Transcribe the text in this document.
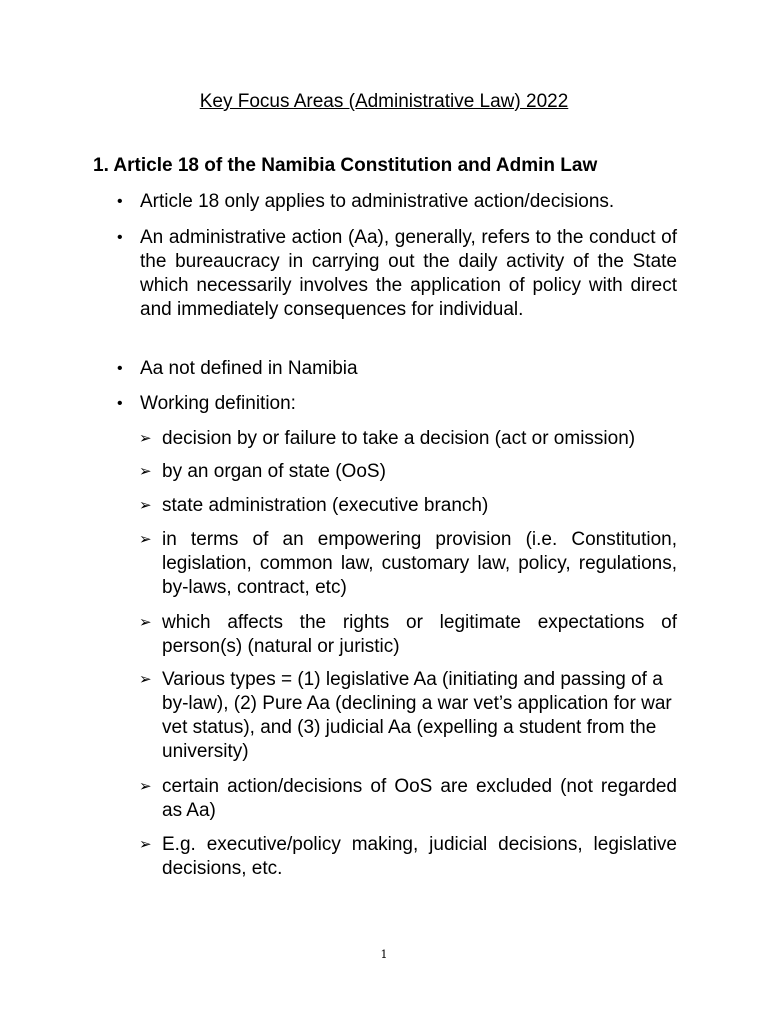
Key Focus Areas (Administrative Law) 2022
1. Article 18 of the Namibia Constitution and Admin Law
• Article 18 only applies to administrative action/decisions.
• An administrative action (Aa), generally, refers to the conduct of the bureaucracy in carrying out the daily activity of the State which necessarily involves the application of policy with direct and immediately consequences for individual.
• Aa not defined in Namibia
• Working definition:
➢ decision by or failure to take a decision (act or omission)
➢ by an organ of state (OoS)
➢ state administration (executive branch)
➢ in terms of an empowering provision (i.e. Constitution, legislation, common law, customary law, policy, regulations, by-laws, contract, etc)
➢ which affects the rights or legitimate expectations of person(s) (natural or juristic)
➢ Various types = (1) legislative Aa (initiating and passing of a by-law), (2) Pure Aa (declining a war vet’s application for war vet status), and (3) judicial Aa (expelling a student from the university)
➢ certain action/decisions of OoS are excluded (not regarded as Aa)
➢ E.g. executive/policy making, judicial decisions, legislative decisions, etc.
1
